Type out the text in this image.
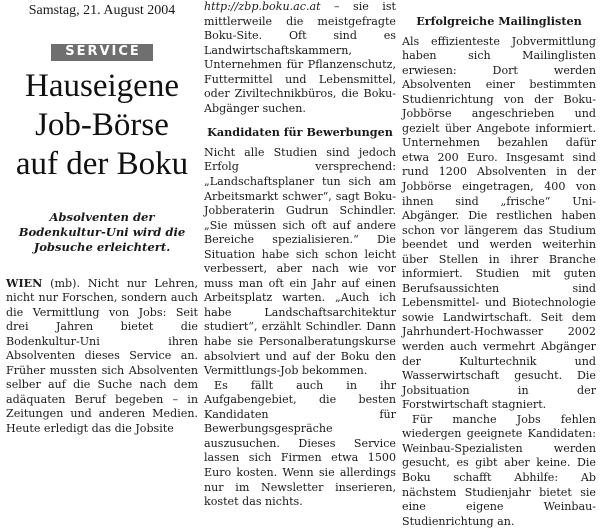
Samstag, 21. August 2004
SERVICE
Hauseigene
Job-Börse
auf der Boku
Absolventen der Bodenkultur-Uni wird die Jobsuche erleichtert.

WIEN (mb). Nicht nur Lehren, nicht nur Forschen, sondern auch die Vermittlung von Jobs: Seit drei Jahren bietet die Bodenkultur-Uni ihren Absolventen dieses Service an. Früher mussten sich Absolventen selber auf die Suche nach dem adäquaten Beruf begeben – in Zeitungen und anderen Medien. Heute erledigt das die Jobsite

http://zbp.boku.ac.at – sie ist mittlerweile die meistgefragte Boku-Site. Oft sind es Landwirtschaftskammern, Unternehmen für Pflanzenschutz, Futtermittel und Lebensmittel, oder Ziviltechnikbüros, die Boku-Abgänger suchen.

Kandidaten für Bewerbungen

Nicht alle Studien sind jedoch Erfolg versprechend: „Landschaftsplaner tun sich am Arbeitsmarkt schwer“, sagt Boku-Jobberaterin Gudrun Schindler. „Sie müssen sich oft auf andere Bereiche spezialisieren.“ Die Situation habe sich schon leicht verbessert, aber nach wie vor muss man oft ein Jahr auf einen Arbeitsplatz warten. „Auch ich habe Landschaftsarchitektur studiert“, erzählt Schindler. Dann habe sie Personalberatungskurse absolviert und auf der Boku den Vermittlungs-Job bekommen.

Es fällt auch in ihr Aufgabengebiet, die besten Kandidaten für Bewerbungsgespräche auszusuchen. Dieses Service lassen sich Firmen etwa 1500 Euro kosten. Wenn sie allerdings nur im Newsletter inserieren, kostet das nichts.

Erfolgreiche Mailinglisten

Als effizienteste Jobvermittlung haben sich Mailinglisten erwiesen: Dort werden Absolventen einer bestimmten Studienrichtung von der Boku-Jobbörse angeschrieben und gezielt über Angebote informiert. Unternehmen bezahlen dafür etwa 200 Euro. Insgesamt sind rund 1200 Absolventen in der Jobbörse eingetragen, 400 von ihnen sind „frische“ Uni-Abgänger. Die restlichen haben schon vor längerem das Studium beendet und werden weiterhin über Stellen in ihrer Branche informiert. Studien mit guten Berufsaussichten sind Lebensmittel- und Biotechnologie sowie Landwirtschaft. Seit dem Jahrhundert-Hochwasser 2002 werden auch vermehrt Abgänger der Kulturtechnik und Wasserwirtschaft gesucht. Die Jobsituation in der Forstwirtschaft stagniert.

Für manche Jobs fehlen wiedergen geeignete Kandidaten: Weinbau-Spezialisten werden gesucht, es gibt aber keine. Die Boku schafft Abhilfe: Ab nächstem Studienjahr bietet sie eine eigene Weinbau-Studienrichtung an.
